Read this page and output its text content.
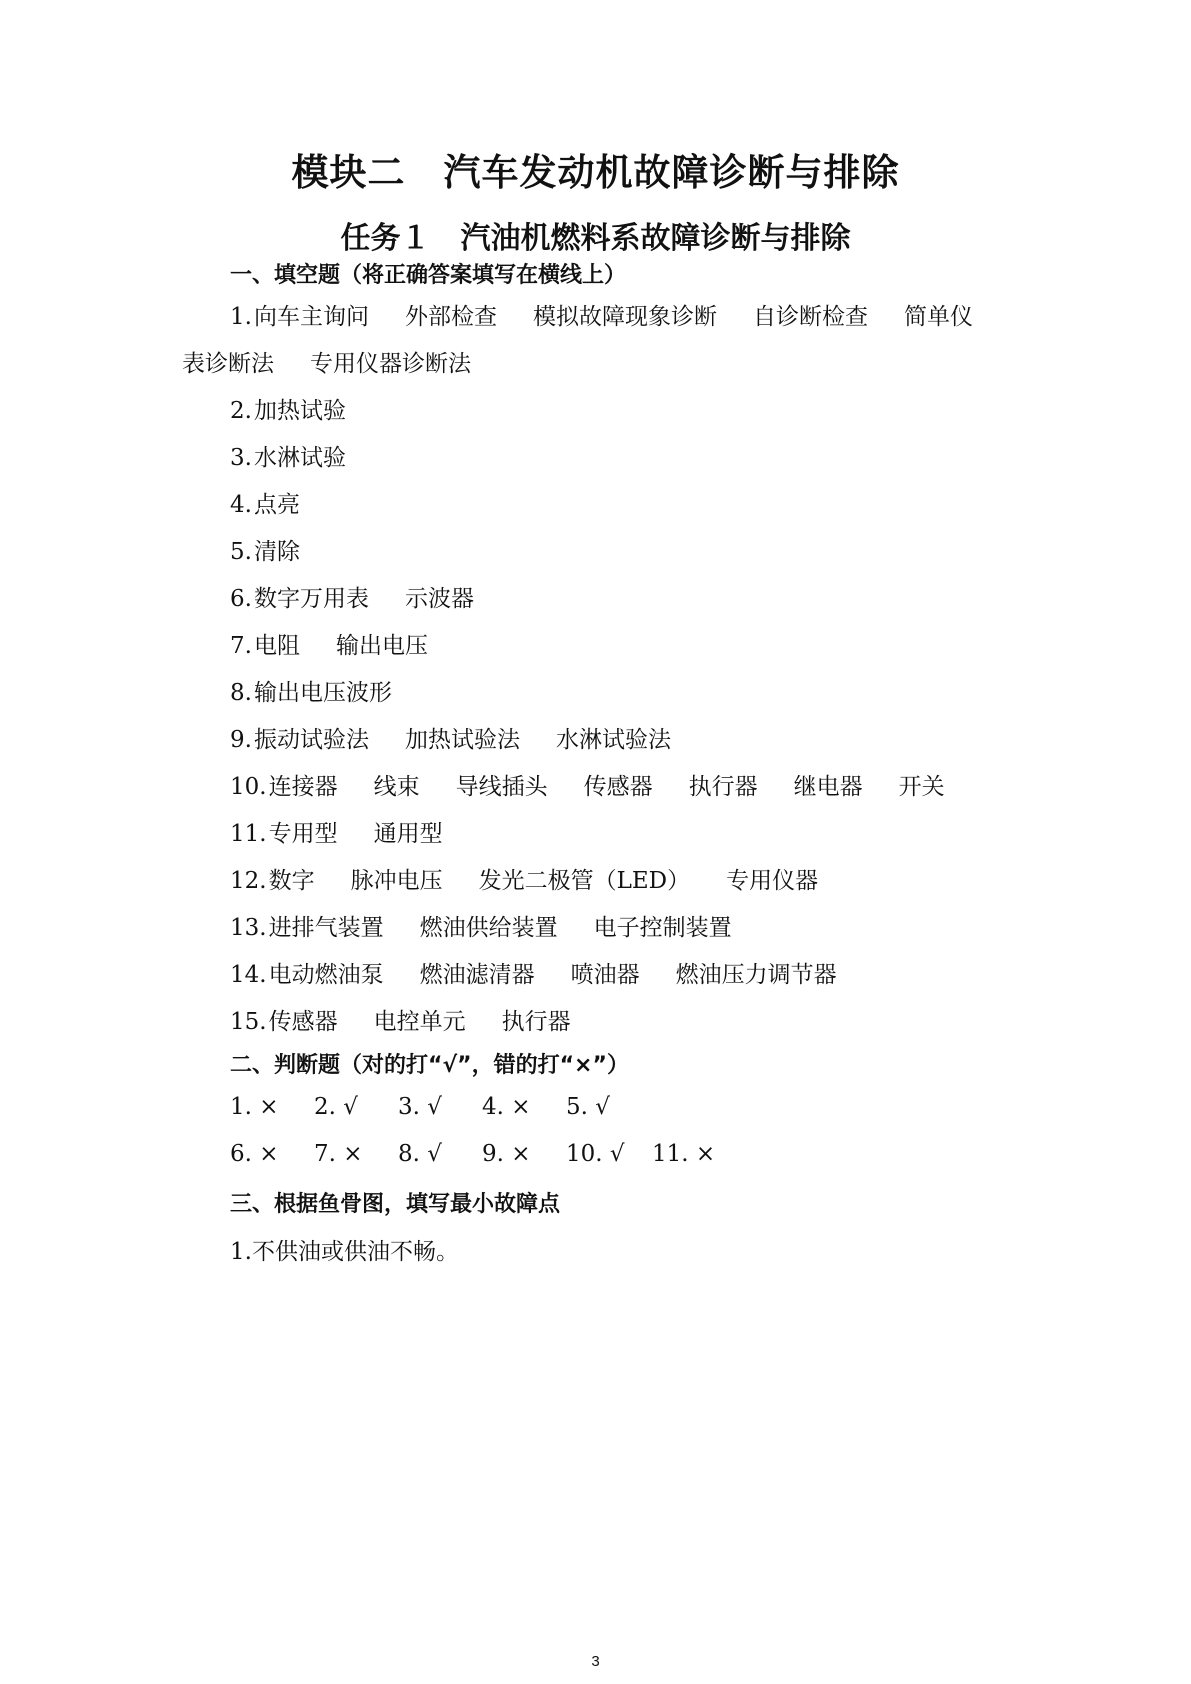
模块二　汽车发动机故障诊断与排除
任务１　汽油机燃料系故障诊断与排除
一、填空题（将正确答案填写在横线上）
1. 向车主询问 外部检查 模拟故障现象诊断 自诊断检查 简单仪
表诊断法 专用仪器诊断法
2. 加热试验
3. 水淋试验
4. 点亮
5. 清除
6. 数字万用表 示波器
7. 电阻 输出电压
8. 输出电压波形
9. 振动试验法 加热试验法 水淋试验法
10. 连接器 线束 导线插头 传感器 执行器 继电器 开关
11. 专用型 通用型
12. 数字 脉冲电压 发光二极管（LED） 专用仪器
13. 进排气装置 燃油供给装置 电子控制装置
14. 电动燃油泵 燃油滤清器 喷油器 燃油压力调节器
15. 传感器 电控单元 执行器
二、判断题（对的打“√”，错的打“×”）
1. ×	2. √	3. √	4. ×	5. √
6. ×	7. ×	8. √	9. ×	10. √	11. ×
三、根据鱼骨图，填写最小故障点
1.不供油或供油不畅。
3
